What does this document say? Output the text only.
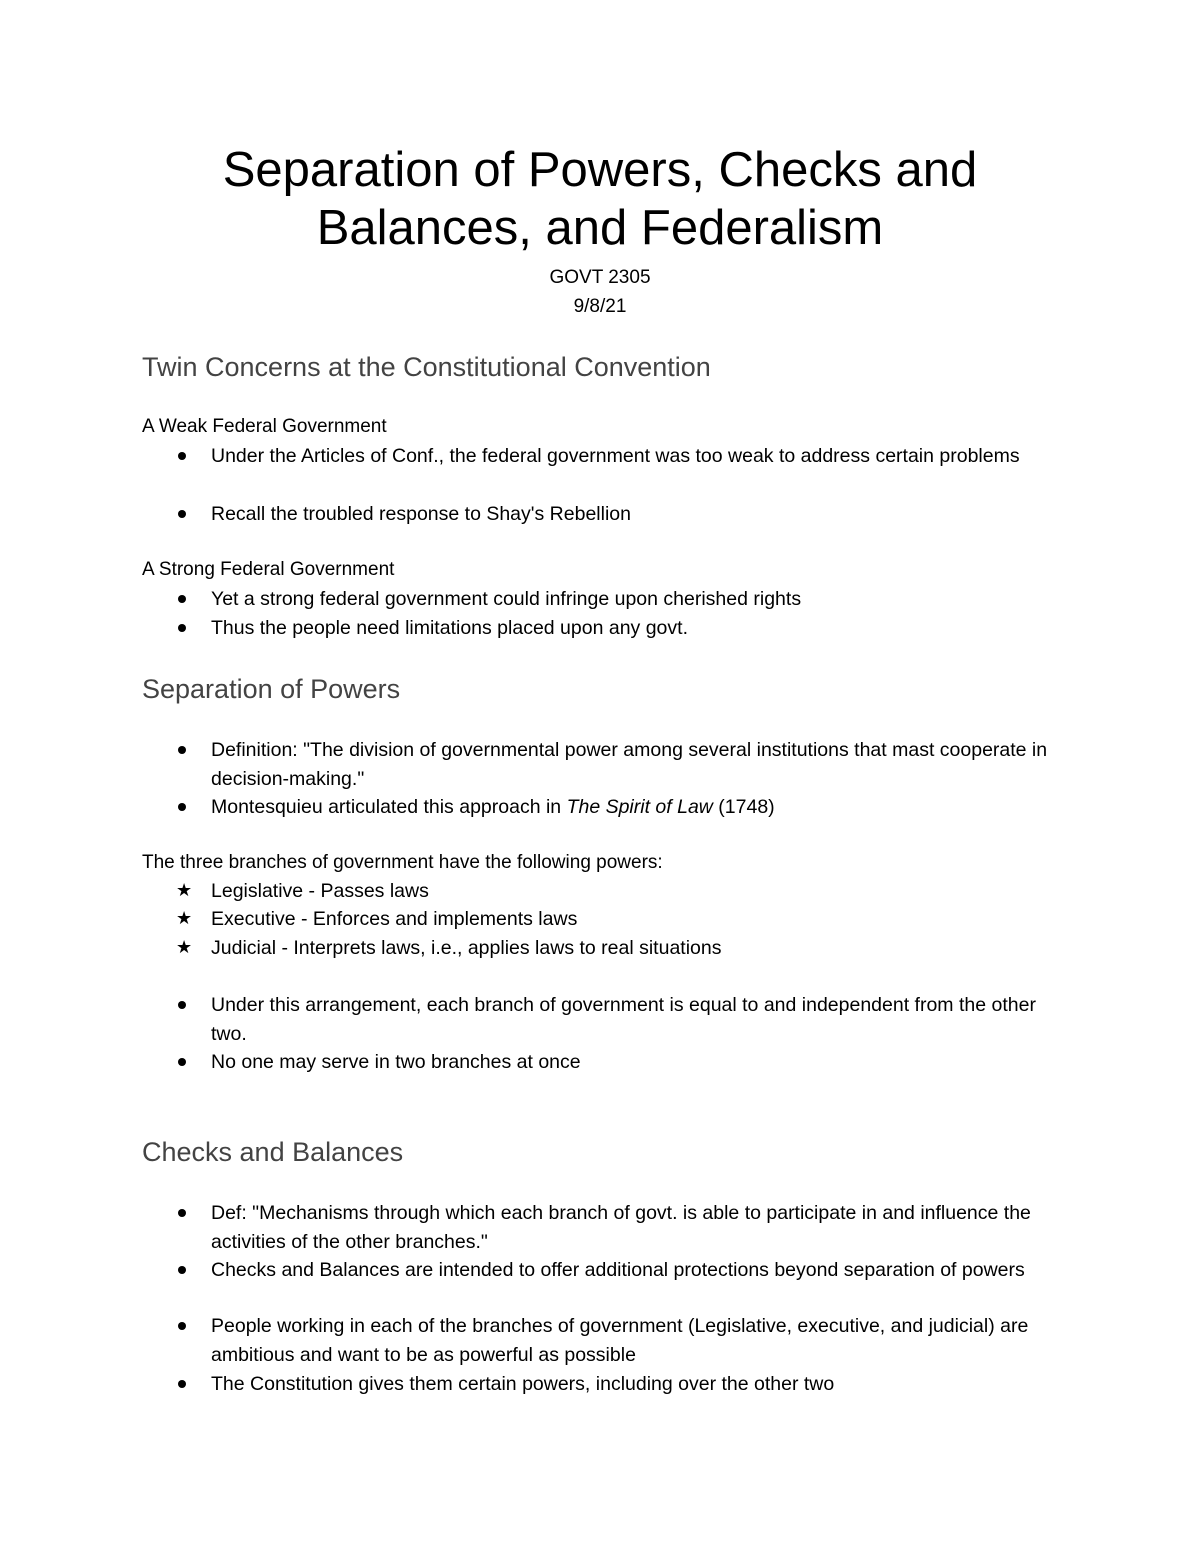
Separation of Powers, Checks and
Balances, and Federalism
GOVT 2305
9/8/21
Twin Concerns at the Constitutional Convention
A Weak Federal Government
Under the Articles of Conf., the federal government was too weak to address certain problems
Recall the troubled response to Shay's Rebellion
A Strong Federal Government
Yet a strong federal government could infringe upon cherished rights
Thus the people need limitations placed upon any govt.
Separation of Powers
Definition: "The division of governmental power among several institutions that mast cooperate in decision-making."
Montesquieu articulated this approach in The Spirit of Law (1748)
The three branches of government have the following powers:
★ Legislative - Passes laws
★ Executive - Enforces and implements laws
★ Judicial - Interprets laws, i.e., applies laws to real situations
Under this arrangement, each branch of government is equal to and independent from the other two.
No one may serve in two branches at once
Checks and Balances
Def: "Mechanisms through which each branch of govt. is able to participate in and influence the activities of the other branches."
Checks and Balances are intended to offer additional protections beyond separation of powers
People working in each of the branches of government (Legislative, executive, and judicial) are ambitious and want to be as powerful as possible
The Constitution gives them certain powers, including over the other two
